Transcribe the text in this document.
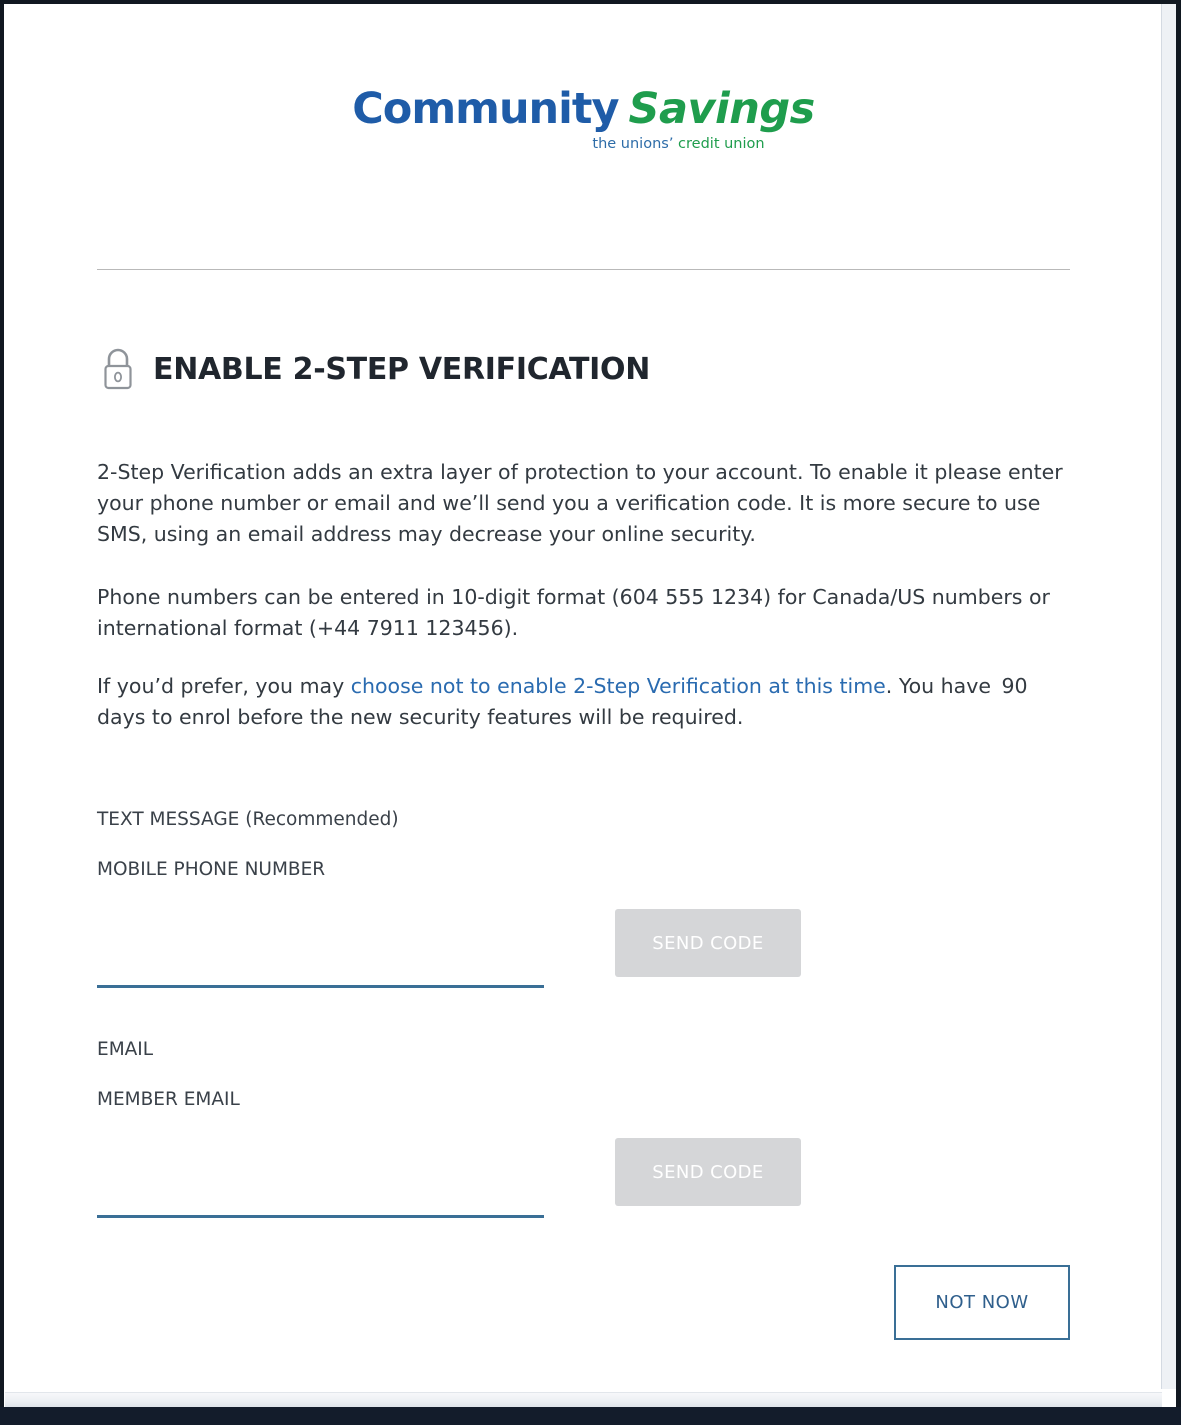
Community Savings
the unions’ credit union
ENABLE 2-STEP VERIFICATION
2-Step Verification adds an extra layer of protection to your account. To enable it please enter your phone number or email and we’ll send you a verification code. It is more secure to use SMS, using an email address may decrease your online security.
Phone numbers can be entered in 10-digit format (604 555 1234) for Canada/US numbers or international format (+44 7911 123456).
If you’d prefer, you may choose not to enable 2-Step Verification at this time. You have 90 days to enrol before the new security features will be required.
TEXT MESSAGE (Recommended)
MOBILE PHONE NUMBER
SEND CODE
EMAIL
MEMBER EMAIL
SEND CODE
NOT NOW
